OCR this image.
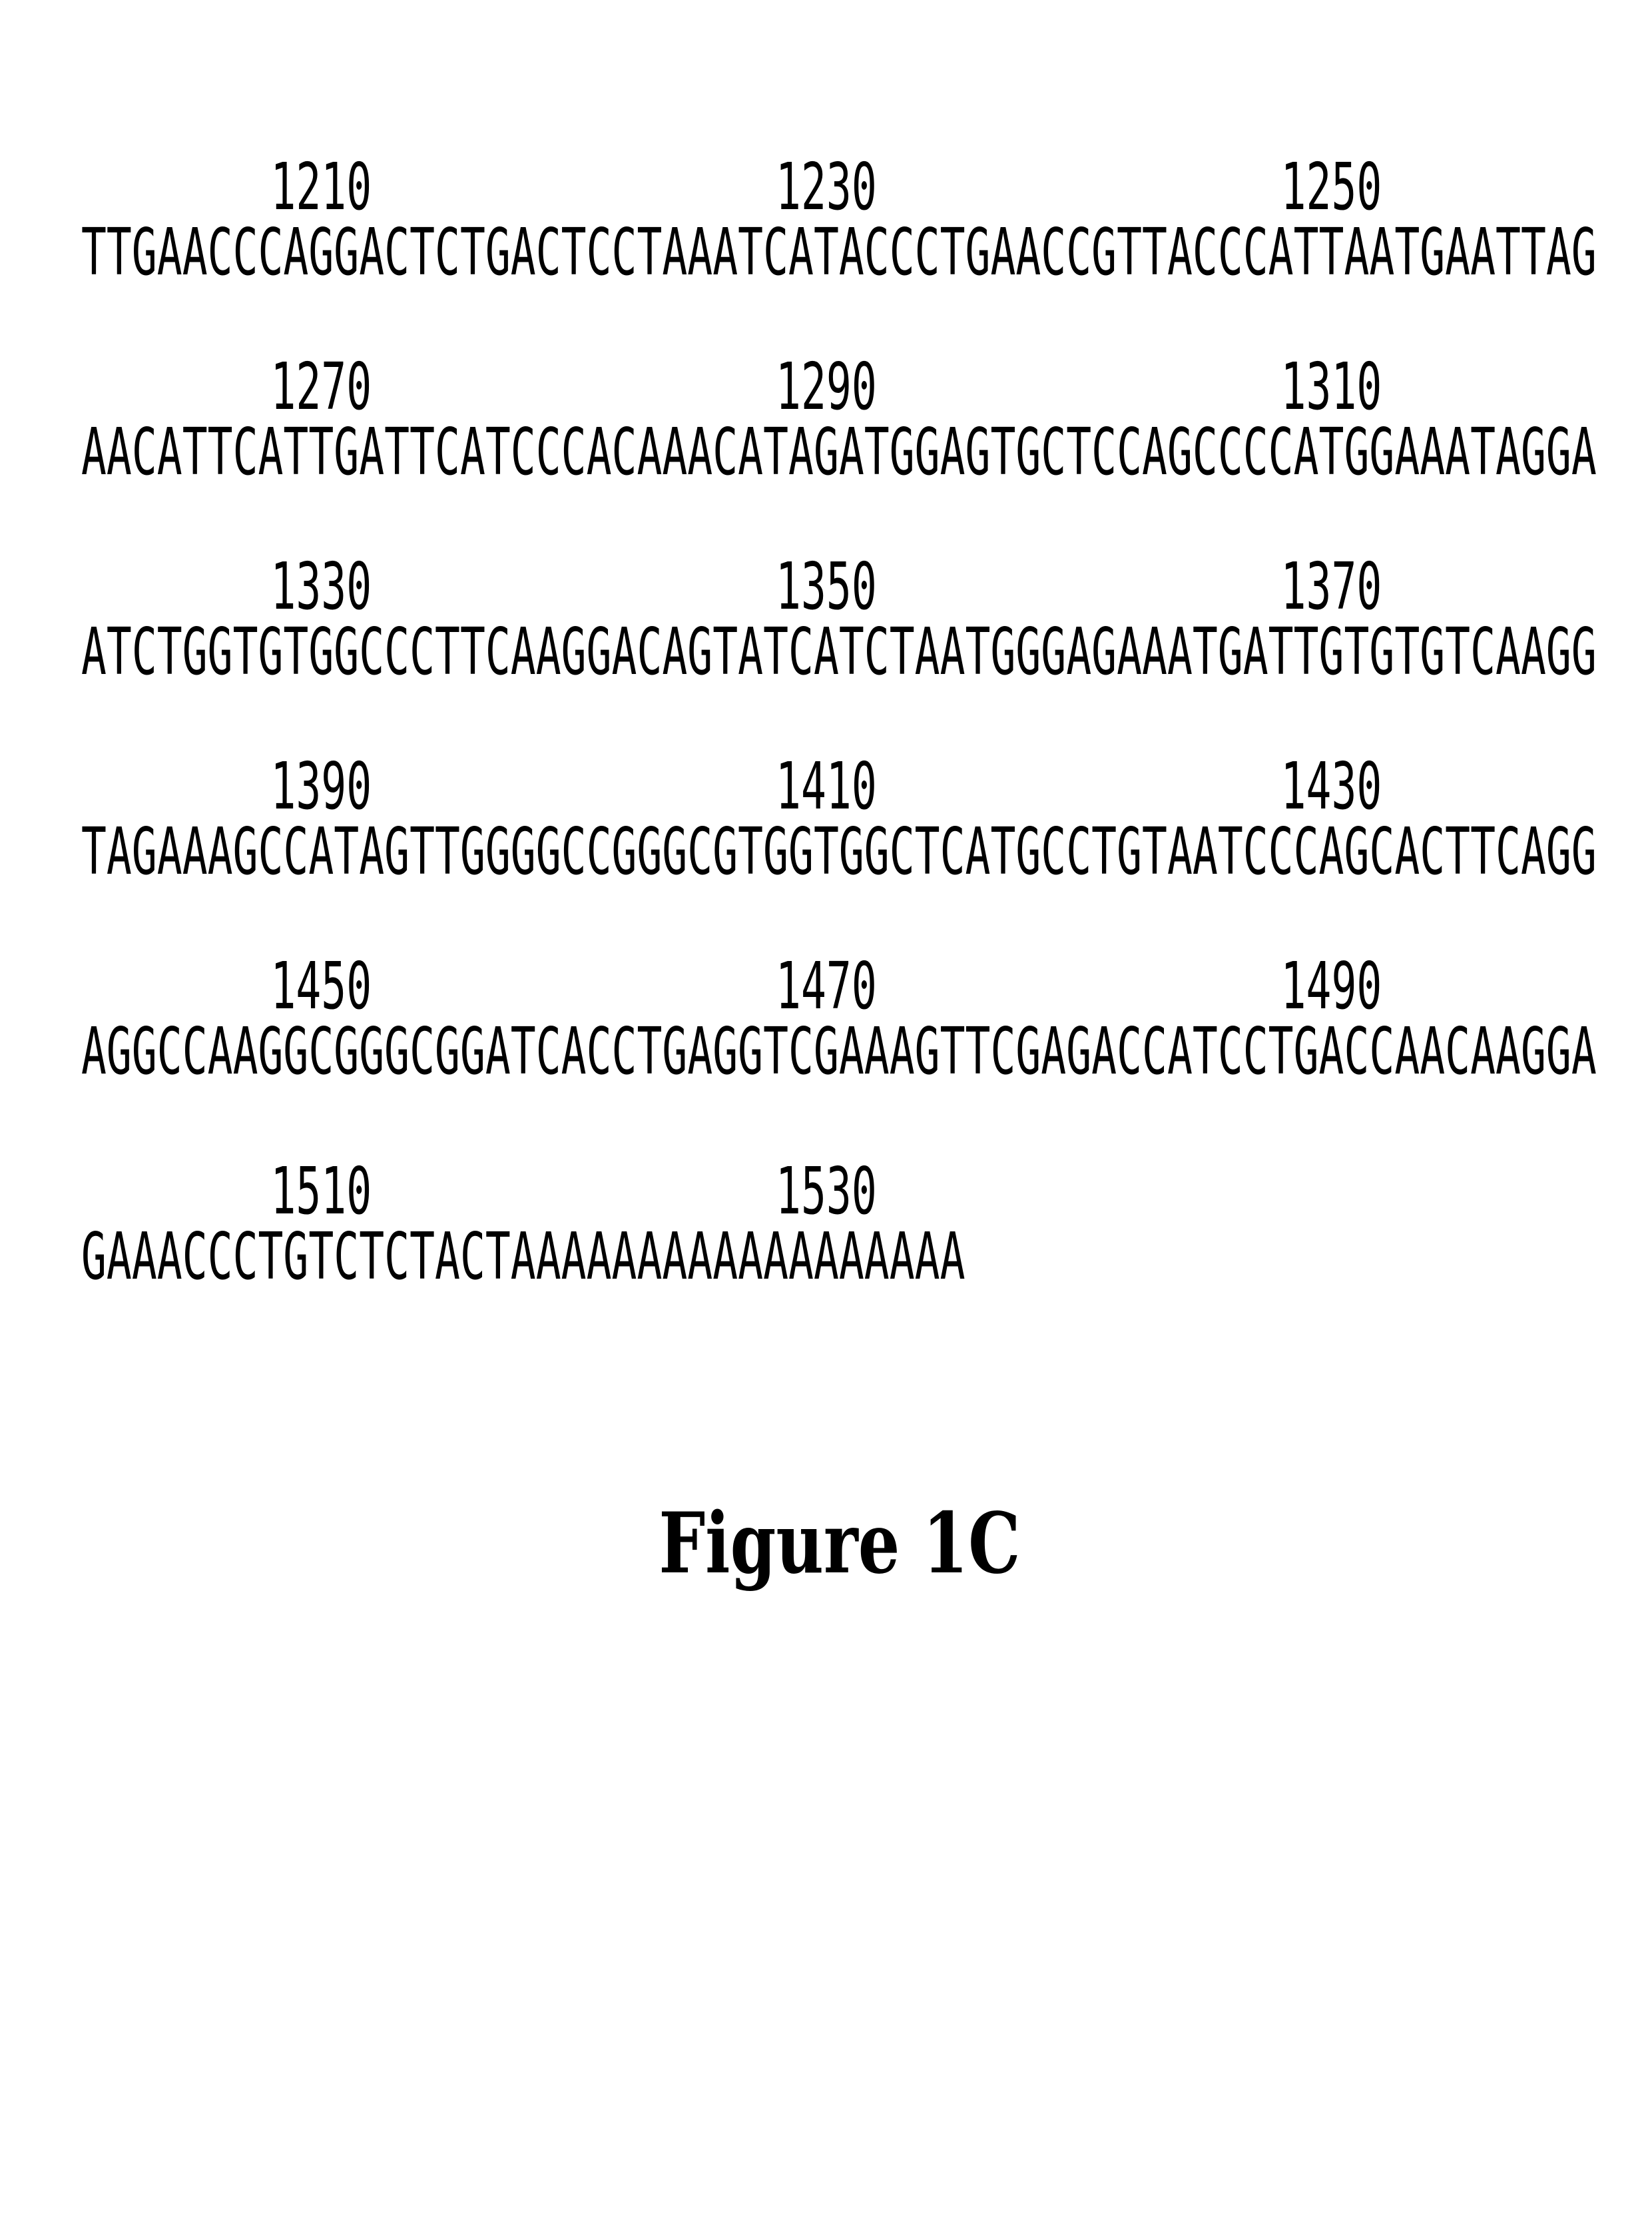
1210	1230	1250
TTGAACCCAGGACTCTGACTCCTAAATCATACCCTGAACCGTTACCCATTAATGAATTAG
1270	1290	1310
AACATTCATTGATTCATCCCACAAACATAGATGGAGTGCTCCAGCCCCATGGAAATAGGA
1330	1350	1370
ATCTGGTGTGGCCCTTCAAGGACAGTATCATCTAATGGGAGAAATGATTGTGTGTCAAGG
1390	1410	1430
TAGAAAGCCATAGTTGGGGCCGGGCGTGGTGGCTCATGCCTGTAATCCCAGCACTTCAGG
1450	1470	1490
AGGCCAAGGCGGGCGGATCACCTGAGGTCGAAAGTTCGAGACCATCCTGACCAACAAGGA
1510	1530
GAAACCCTGTCTCTACTAAAAAAAAAAAAAAAAAA
Figure 1C
